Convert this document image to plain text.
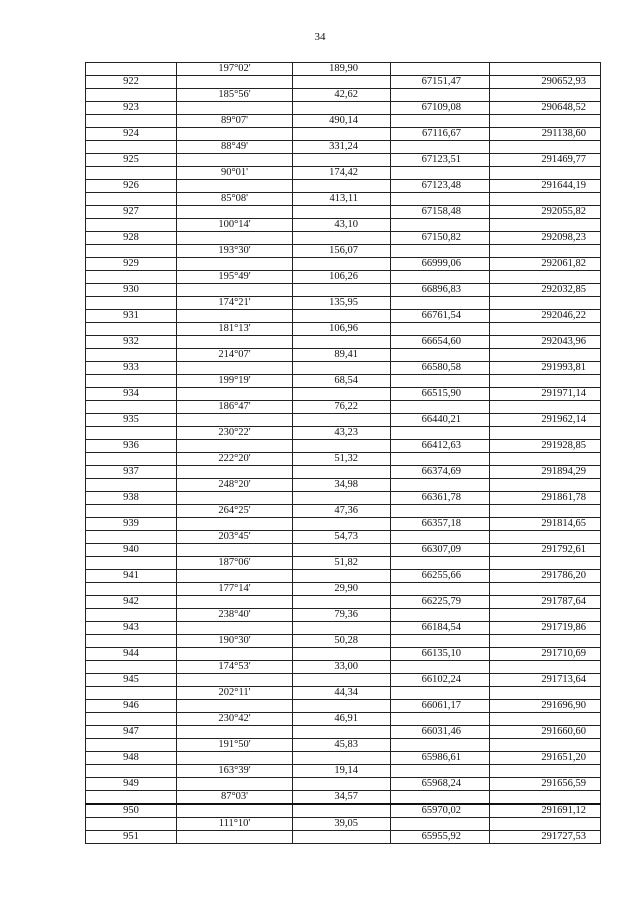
34
	197°02'	189,90		
922			67151,47	290652,93
	185°56'	42,62		
923			67109,08	290648,52
	89°07'	490,14		
924			67116,67	291138,60
	88°49'	331,24		
925			67123,51	291469,77
	90°01'	174,42		
926			67123,48	291644,19
	85°08'	413,11		
927			67158,48	292055,82
	100°14'	43,10		
928			67150,82	292098,23
	193°30'	156,07		
929			66999,06	292061,82
	195°49'	106,26		
930			66896,83	292032,85
	174°21'	135,95		
931			66761,54	292046,22
	181°13'	106,96		
932			66654,60	292043,96
	214°07'	89,41		
933			66580,58	291993,81
	199°19'	68,54		
934			66515,90	291971,14
	186°47'	76,22		
935			66440,21	291962,14
	230°22'	43,23		
936			66412,63	291928,85
	222°20'	51,32		
937			66374,69	291894,29
	248°20'	34,98		
938			66361,78	291861,78
	264°25'	47,36		
939			66357,18	291814,65
	203°45'	54,73		
940			66307,09	291792,61
	187°06'	51,82		
941			66255,66	291786,20
	177°14'	29,90		
942			66225,79	291787,64
	238°40'	79,36		
943			66184,54	291719,86
	190°30'	50,28		
944			66135,10	291710,69
	174°53'	33,00		
945			66102,24	291713,64
	202°11'	44,34		
946			66061,17	291696,90
	230°42'	46,91		
947			66031,46	291660,60
	191°50'	45,83		
948			65986,61	291651,20
	163°39'	19,14		
949			65968,24	291656,59
	87°03'	34,57		
950			65970,02	291691,12
	111°10'	39,05		
951			65955,92	291727,53
